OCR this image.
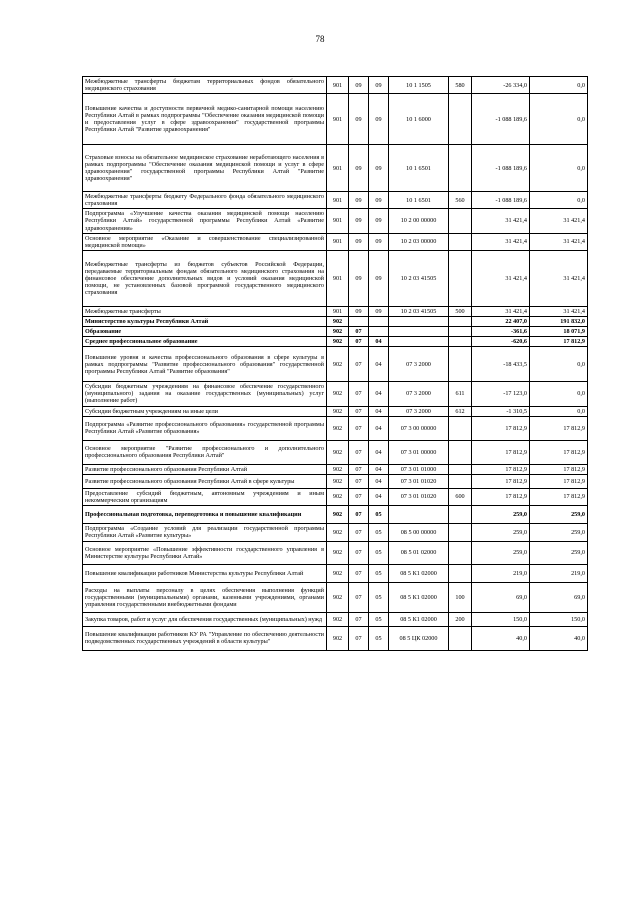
78
Межбюджетные трансферты бюджетам территориальных фондов обязательного медицинского страхования	901	09	09	10 1 1505	580	-26 334,0	0,0
Повышение качества и доступности первичной медико-санитарной помощи населению Республики Алтай в рамках подпрограммы "Обеспечение оказания медицинской помощи и предоставления услуг в сфере здравоохранения" государственной программы Республики Алтай "Развитие здравоохранения"	901	09	09	10 1 6000		-1 088 189,6	0,0
Страховые взносы на обязательное медицинское страхование неработающего населения в рамках подпрограммы "Обеспечение оказания медицинской помощи и услуг в сфере здравоохранения" государственной программы Республики Алтай "Развитие здравоохранения"	901	09	09	10 1 6501		-1 088 189,6	0,0
Межбюджетные трансферты бюджету Федерального фонда обязательного медицинского страхования	901	09	09	10 1 6501	560	-1 088 189,6	0,0
Подпрограмма «Улучшение качества оказания медицинской помощи населению Республики Алтай» государственной программы Республики Алтай «Развитие здравоохранения»	901	09	09	10 2 00 00000		31 421,4	31 421,4
Основное мероприятие «Оказание и совершенствование специализированной медицинской помощи»	901	09	09	10 2 03 00000		31 421,4	31 421,4
Межбюджетные трансферты из бюджетов субъектов Российской Федерации, передаваемые территориальным фондам обязательного медицинского страхования на финансовое обеспечение дополнительных видов и условий оказания медицинской помощи, не установленных базовой программой государственного медицинского страхования	901	09	09	10 2 03 41505		31 421,4	31 421,4
Межбюджетные трансферты	901	09	09	10 2 03 41505	500	31 421,4	31 421,4
Министерство культуры Республики Алтай	902					22 407,0	191 832,0
Образование	902	07				-361,6	18 071,9
Среднее профессиональное образование	902	07	04			-620,6	17 812,9
Повышение уровня и качества профессионального образования в сфере культуры в рамках подпрограммы "Развитие профессионального образования" государственной программы Республики Алтай "Развитие образования"	902	07	04	07 3 2000		-18 433,5	0,0
Субсидии бюджетным учреждениям на финансовое обеспечение государственного (муниципального) задания на оказание государственных (муниципальных) услуг (выполнение работ)	902	07	04	07 3 2000	611	-17 123,0	0,0
Субсидии бюджетным учреждениям на иные цели	902	07	04	07 3 2000	612	-1 310,5	0,0
Подпрограмма «Развитие профессионального образования» государственной программы Республики Алтай «Развитие образования»	902	07	04	07 3 00 00000		17 812,9	17 812,9
Основное мероприятие "Развитие профессионального и дополнительного профессионального образования Республики Алтай"	902	07	04	07 3 01 00000		17 812,9	17 812,9
Развитие профессионального образования Республики Алтай	902	07	04	07 3 01 01000		17 812,9	17 812,9
Развитие профессионального образования Республики Алтай в сфере культуры	902	07	04	07 3 01 01020		17 812,9	17 812,9
Предоставление субсидий бюджетным, автономным учреждениям и иным некоммерческим организациям	902	07	04	07 3 01 01020	600	17 812,9	17 812,9
Профессиональная подготовка, переподготовка и повышение квалификации	902	07	05			259,0	259,0
Подпрограмма «Создание условий для реализации государственной программы Республики Алтай «Развитие культуры»	902	07	05	08 5 00 00000		259,0	259,0
Основное мероприятие «Повышение эффективности государственного управления в Министерстве культуры Республики Алтай»	902	07	05	08 5 01 02000		259,0	259,0
Повышение квалификации работников Министерства культуры Республики Алтай	902	07	05	08 5 К1 02000		219,0	219,0
Расходы на выплаты персоналу в целях обеспечения выполнения функций государственными (муниципальными) органами, казенными учреждениями, органами управления государственными внебюджетными фондами	902	07	05	08 5 К1 02000	100	69,0	69,0
Закупка товаров, работ и услуг для обеспечения государственных (муниципальных) нужд	902	07	05	08 5 К1 02000	200	150,0	150,0
Повышение квалификации работников КУ РА "Управление по обеспечению деятельности подведомственных государственных учреждений в области культуры"	902	07	05	08 5 ЦК 02000		40,0	40,0
